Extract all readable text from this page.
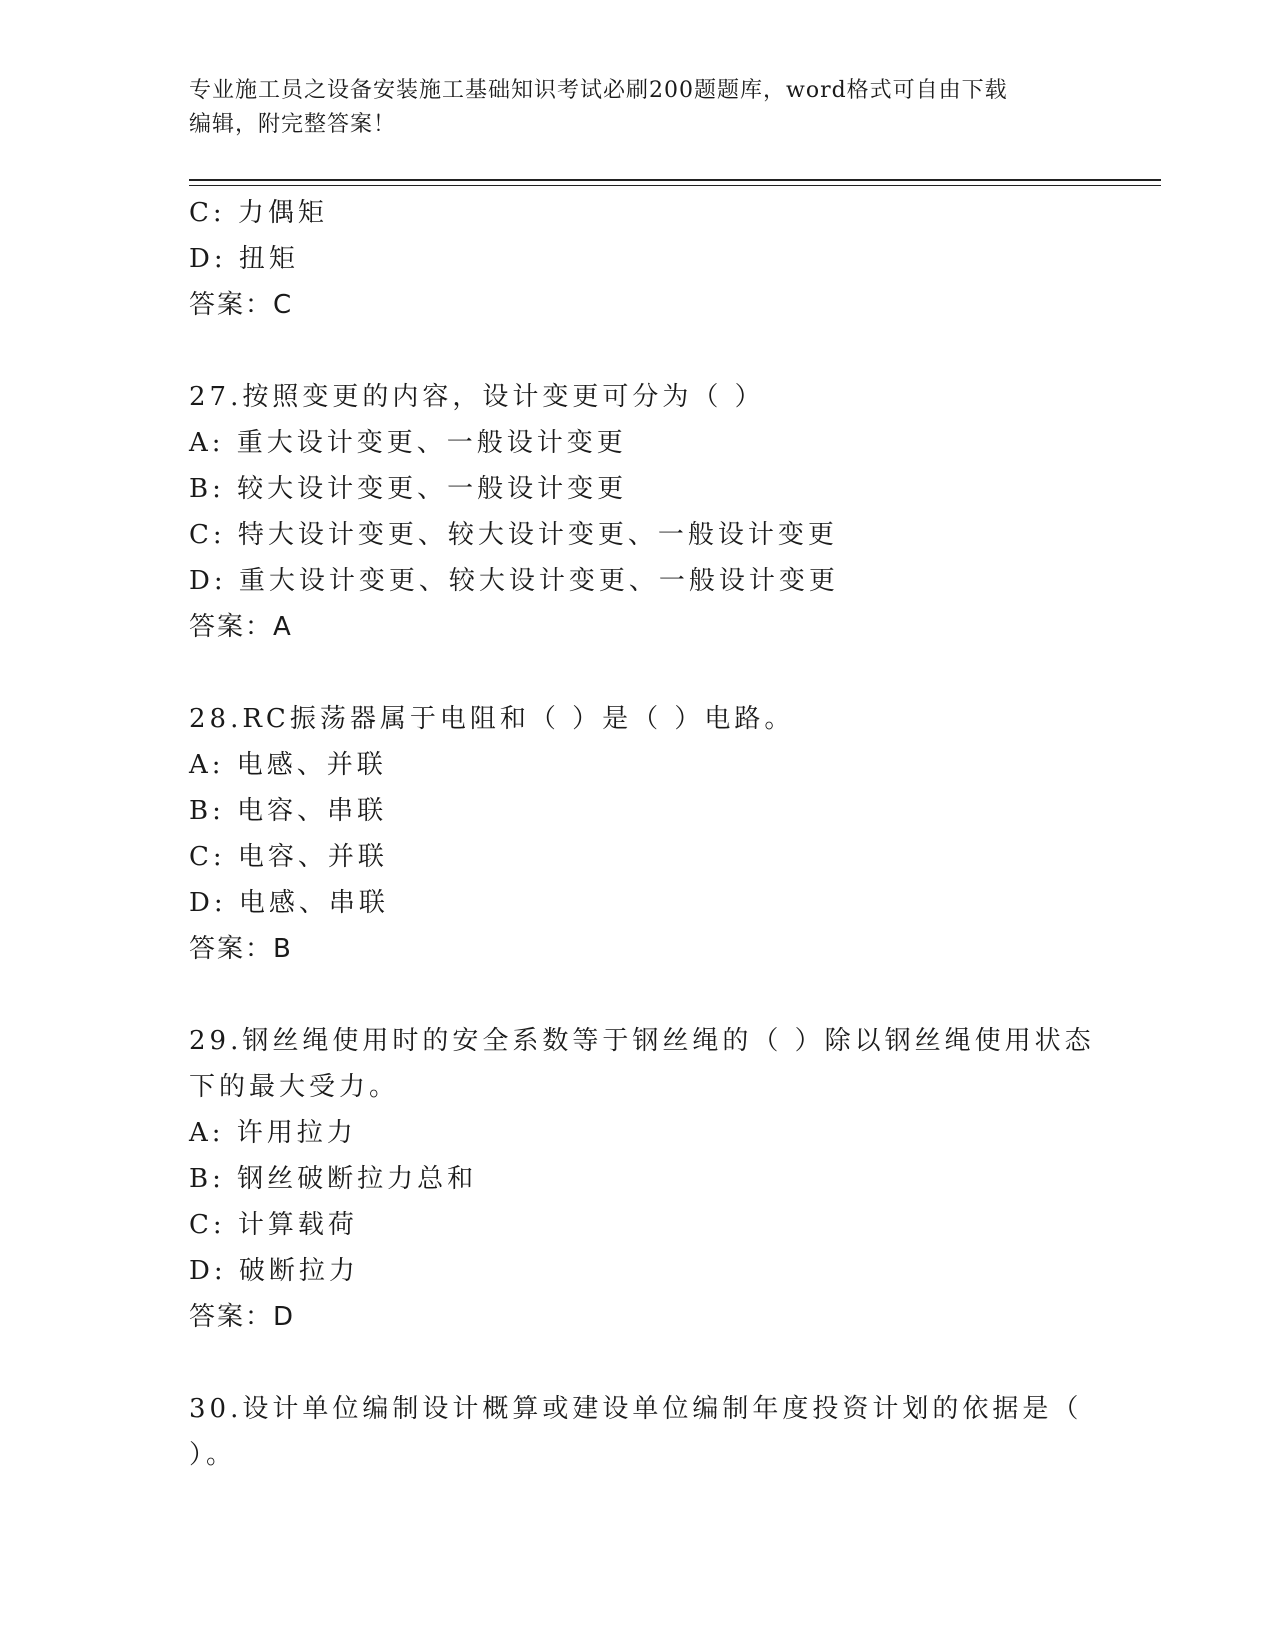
专业施工员之设备安装施工基础知识考试必刷200题题库，word格式可自由下载
编辑，附完整答案！
C: 力偶矩
D: 扭矩
答案：C
27.按照变更的内容，设计变更可分为（ ）
A: 重大设计变更、一般设计变更
B: 较大设计变更、一般设计变更
C: 特大设计变更、较大设计变更、一般设计变更
D: 重大设计变更、较大设计变更、一般设计变更
答案：A
28.RC振荡器属于电阻和（ ）是（ ）电路。
A: 电感、并联
B: 电容、串联
C: 电容、并联
D: 电感、串联
答案：B
29.钢丝绳使用时的安全系数等于钢丝绳的（ ）除以钢丝绳使用状态
下的最大受力。
A: 许用拉力
B: 钢丝破断拉力总和
C: 计算载荷
D: 破断拉力
答案：D
30.设计单位编制设计概算或建设单位编制年度投资计划的依据是（
）。
